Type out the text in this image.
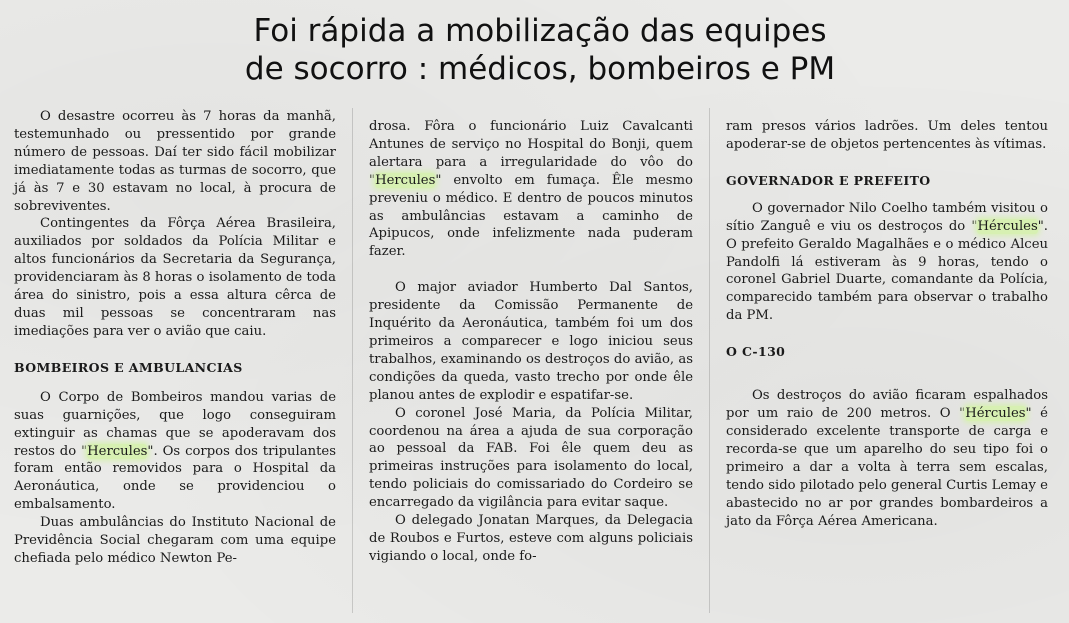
Foi rápida a mobilização das equipes
de socorro : médicos, bombeiros e PM

O desastre ocorreu às 7 horas da manhã, testemunhado ou pressentido por grande número de pessoas. Daí ter sido fácil mobilizar imediatamente todas as turmas de socorro, que já às 7 e 30 estavam no local, à procura de sobreviventes.

Contingentes da Fôrça Aérea Brasileira, auxiliados por soldados da Polícia Militar e altos funcionários da Secretaria da Segurança, providenciaram às 8 horas o isolamento de toda área do sinistro, pois a essa altura cêrca de duas mil pessoas se concentraram nas imediações para ver o avião que caiu.

BOMBEIROS E AMBULANCIAS

O Corpo de Bombeiros mandou varias de suas guarnições, que logo conseguiram extinguir as chamas que se apoderavam dos restos do "Hercules". Os corpos dos tripulantes foram então removidos para o Hospital da Aeronáutica, onde se providenciou o embalsamento.

Duas ambulâncias do Instituto Nacional de Previdência Social chegaram com uma equipe chefiada pelo médico Newton Pe-

drosa. Fôra o funcionário Luiz Cavalcanti Antunes de serviço no Hospital do Bonji, quem alertara para a irregularidade do vôo do "Hercules" envolto em fumaça. Êle mesmo preveniu o médico. E dentro de poucos minutos as ambulâncias estavam a caminho de Apipucos, onde infelizmente nada puderam fazer.

O major aviador Humberto Dal Santos, presidente da Comissão Permanente de Inquérito da Aeronáutica, também foi um dos primeiros a comparecer e logo iniciou seus trabalhos, examinando os destroços do avião, as condições da queda, vasto trecho por onde êle planou antes de explodir e espatifar-se.

O coronel José Maria, da Polícia Militar, coordenou na área a ajuda de sua corporação ao pessoal da FAB. Foi êle quem deu as primeiras instruções para isolamento do local, tendo policiais do comissariado do Cordeiro se encarregado da vigilância para evitar saque.

O delegado Jonatan Marques, da Delegacia de Roubos e Furtos, esteve com alguns policiais vigiando o local, onde fo-

ram presos vários ladrões. Um deles tentou apoderar-se de objetos pertencentes às vítimas.

GOVERNADOR E PREFEITO

O governador Nilo Coelho também visitou o sítio Zanguê e viu os destroços do "Hércules". O prefeito Geraldo Magalhães e o médico Alceu Pandolfi lá estiveram às 9 horas, tendo o coronel Gabriel Duarte, comandante da Polícia, comparecido também para observar o trabalho da PM.

O C-130

Os destroços do avião ficaram espalhados por um raio de 200 metros. O "Hércules" é considerado excelente transporte de carga e recorda-se que um aparelho do seu tipo foi o primeiro a dar a volta à terra sem escalas, tendo sido pilotado pelo general Curtis Lemay e abastecido no ar por grandes bombardeiros a jato da Fôrça Aérea Americana.
